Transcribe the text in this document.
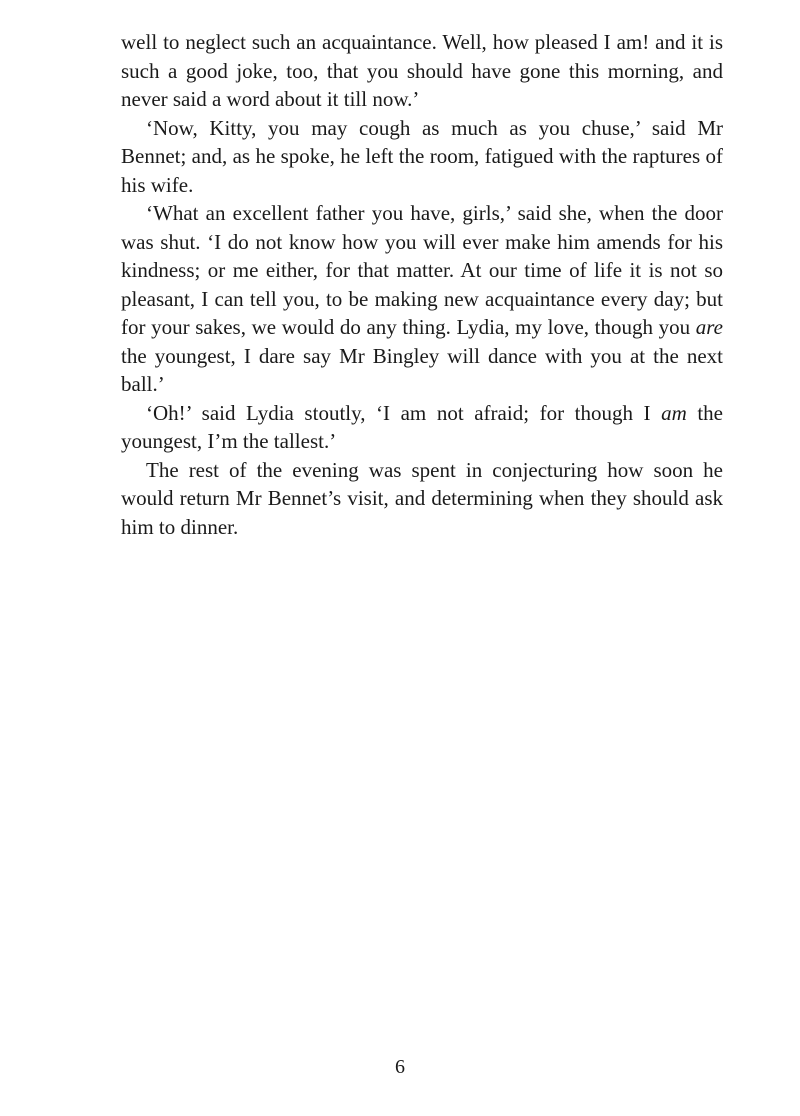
well to neglect such an acquaintance. Well, how pleased I am! and it is such a good joke, too, that you should have gone this morning, and never said a word about it till now.’

‘Now, Kitty, you may cough as much as you chuse,’ said Mr Bennet; and, as he spoke, he left the room, fatigued with the raptures of his wife.

‘What an excellent father you have, girls,’ said she, when the door was shut. ‘I do not know how you will ever make him amends for his kindness; or me either, for that matter. At our time of life it is not so pleasant, I can tell you, to be making new acquaintance every day; but for your sakes, we would do any thing. Lydia, my love, though you are the youngest, I dare say Mr Bingley will dance with you at the next ball.’

‘Oh!’ said Lydia stoutly, ‘I am not afraid; for though I am the youngest, I’m the tallest.’

The rest of the evening was spent in conjecturing how soon he would return Mr Bennet’s visit, and determining when they should ask him to dinner.

6
